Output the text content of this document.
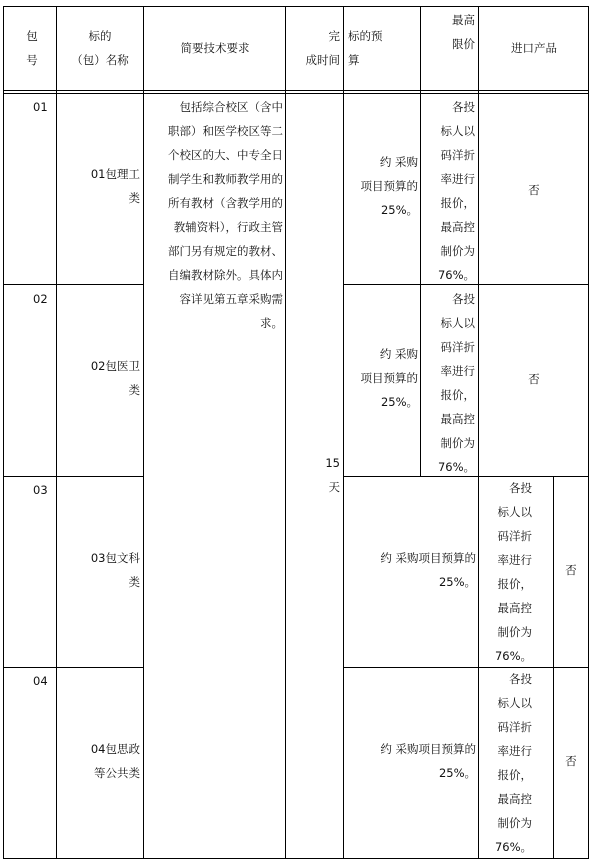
包
号
标的
（包）名称
简要技术要求
完
成时间
标的预
算
最高
限价	进口产品
01
01包理工
类
约 采购
项目预算的
25%。
各投
标人以
码洋折
率进行
报价，
最高控
制价为
76%。
否
02
02包医卫
类
约 采购
项目预算的
25%。
各投
标人以
码洋折
率进行
报价，
最高控
制价为
76%。
否
03
03包文科
类
约 采购项目预算的
25%。
各投
标人以
码洋折
率进行
报价，
最高控
制价为
76%。
否
04
04包思政
等公共类
约 采购项目预算的
25%。
各投
标人以
码洋折
率进行
报价，
最高控
制价为
76%。
否
包括综合校区（含中
职部）和医学校区等二
个校区的大、中专全日
制学生和教师教学用的
所有教材（含教学用的
教辅资料），行政主管
部门另有规定的教材、
自编教材除外。具体内
容详见第五章采购需
求。
15
天
